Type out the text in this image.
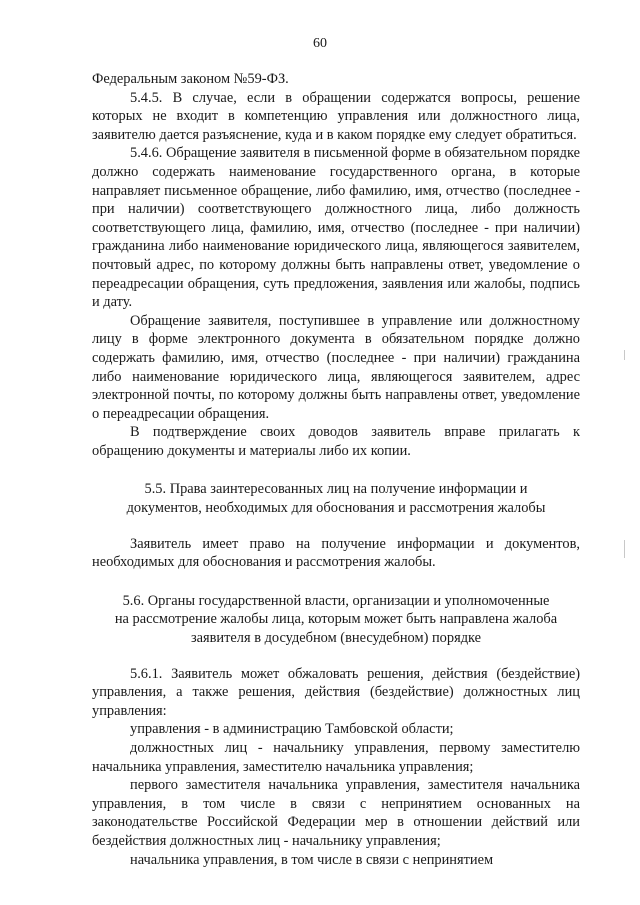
60

Федеральным законом №59-ФЗ.

5.4.5. В случае, если в обращении содержатся вопросы, решение которых не входит в компетенцию управления или должностного лица, заявителю дается разъяснение, куда и в каком порядке ему следует обратиться.

5.4.6. Обращение заявителя в письменной форме в обязательном порядке должно содержать наименование государственного органа, в которые направляет письменное обращение, либо фамилию, имя, отчество (последнее - при наличии) соответствующего должностного лица, либо должность соответствующего лица, фамилию, имя, отчество (последнее - при наличии) гражданина либо наименование юридического лица, являющегося заявителем, почтовый адрес, по которому должны быть направлены ответ, уведомление о переадресации обращения, суть предложения, заявления или жалобы, подпись и дату.

Обращение заявителя, поступившее в управление или должностному лицу в форме электронного документа в обязательном порядке должно содержать фамилию, имя, отчество (последнее - при наличии) гражданина либо наименование юридического лица, являющегося заявителем, адрес электронной почты, по которому должны быть направлены ответ, уведомление о переадресации обращения.

В подтверждение своих доводов заявитель вправе прилагать к обращению документы и материалы либо их копии.

5.5. Права заинтересованных лиц на получение информации и
документов, необходимых для обоснования и рассмотрения жалобы

Заявитель имеет право на получение информации и документов, необходимых для обоснования и рассмотрения жалобы.

5.6. Органы государственной власти, организации и уполномоченные
на рассмотрение жалобы лица, которым может быть направлена жалоба
заявителя в досудебном (внесудебном) порядке

5.6.1. Заявитель может обжаловать решения, действия (бездействие) управления, а также решения, действия (бездействие) должностных лиц управления:

управления - в администрацию Тамбовской области;

должностных лиц - начальнику управления, первому заместителю начальника управления, заместителю начальника управления;

первого заместителя начальника управления, заместителя начальника управления, в том числе в связи с непринятием основанных на законодательстве Российской Федерации мер в отношении действий или бездействия должностных лиц - начальнику управления;

начальника управления, в том числе в связи с непринятием
